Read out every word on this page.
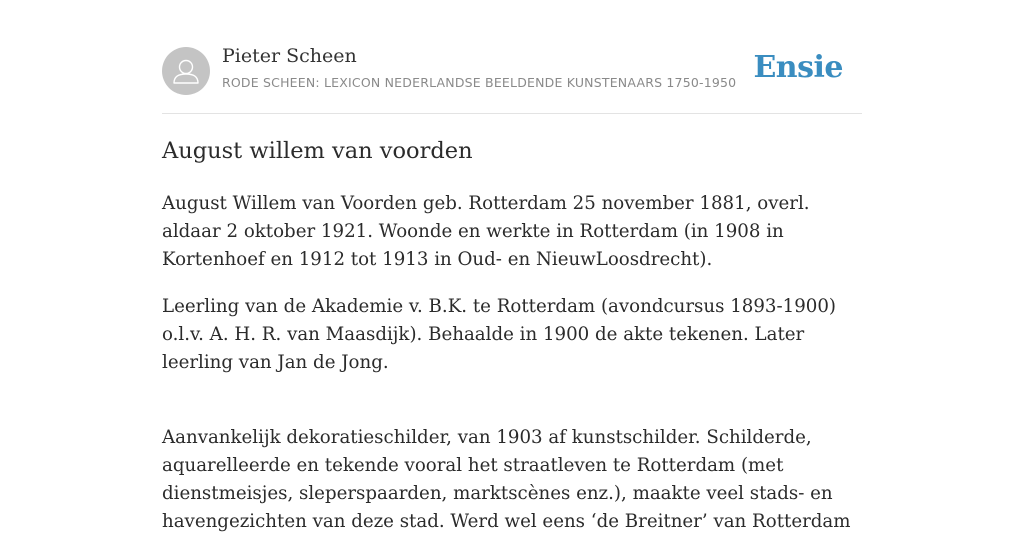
Pieter Scheen
RODE SCHEEN: LEXICON NEDERLANDSE BEELDENDE KUNSTENAARS 1750-1950 Ensie
August willem van voorden

August Willem van Voorden geb. Rotterdam 25 november 1881, overl. aldaar 2 oktober 1921. Woonde en werkte in Rotterdam (in 1908 in Kortenhoef en 1912 tot 1913 in Oud- en NieuwLoosdrecht).

Leerling van de Akademie v. B.K. te Rotterdam (avondcursus 1893-1900) o.l.v. A. H. R. van Maasdijk). Behaalde in 1900 de akte tekenen. Later leerling van Jan de Jong.

Aanvankelijk dekoratieschilder, van 1903 af kunstschilder. Schilderde, aquarelleerde en tekende vooral het straatleven te Rotterdam (met dienstmeisjes, sleperspaarden, marktscènes enz.), maakte veel stads- en havengezichten van deze stad. Werd wel eens ‘de Breitner’ van Rotterdam
